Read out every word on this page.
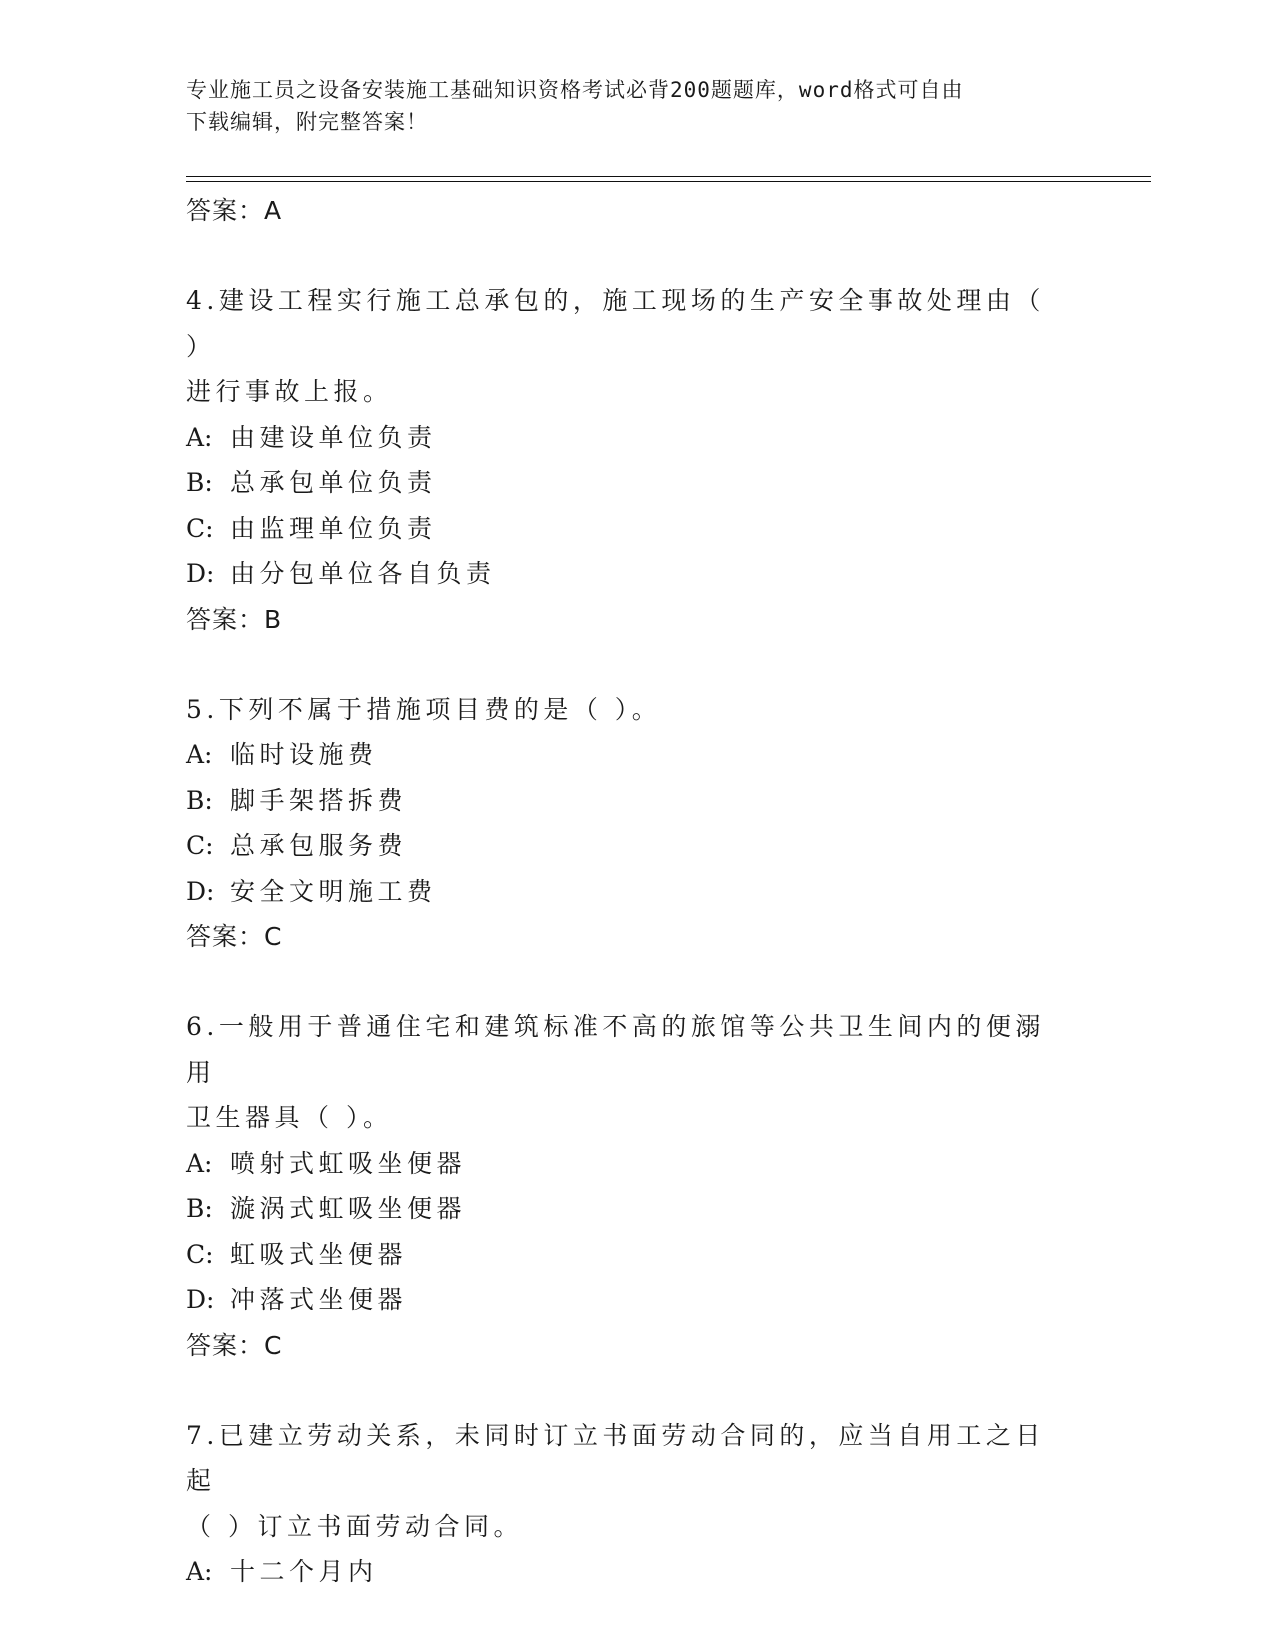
专业施工员之设备安装施工基础知识资格考试必背200题题库，word格式可自由
下载编辑，附完整答案！
答案：A
4.建设工程实行施工总承包的，施工现场的生产安全事故处理由（ ）
进行事故上报。
A: 由建设单位负责
B: 总承包单位负责
C: 由监理单位负责
D: 由分包单位各自负责
答案：B
5.下列不属于措施项目费的是（ ）。
A: 临时设施费
B: 脚手架搭拆费
C: 总承包服务费
D: 安全文明施工费
答案：C
6.一般用于普通住宅和建筑标准不高的旅馆等公共卫生间内的便溺用
卫生器具（ ）。
A: 喷射式虹吸坐便器
B: 漩涡式虹吸坐便器
C: 虹吸式坐便器
D: 冲落式坐便器
答案：C
7.已建立劳动关系，未同时订立书面劳动合同的，应当自用工之日起
（ ）订立书面劳动合同。
A: 十二个月内
